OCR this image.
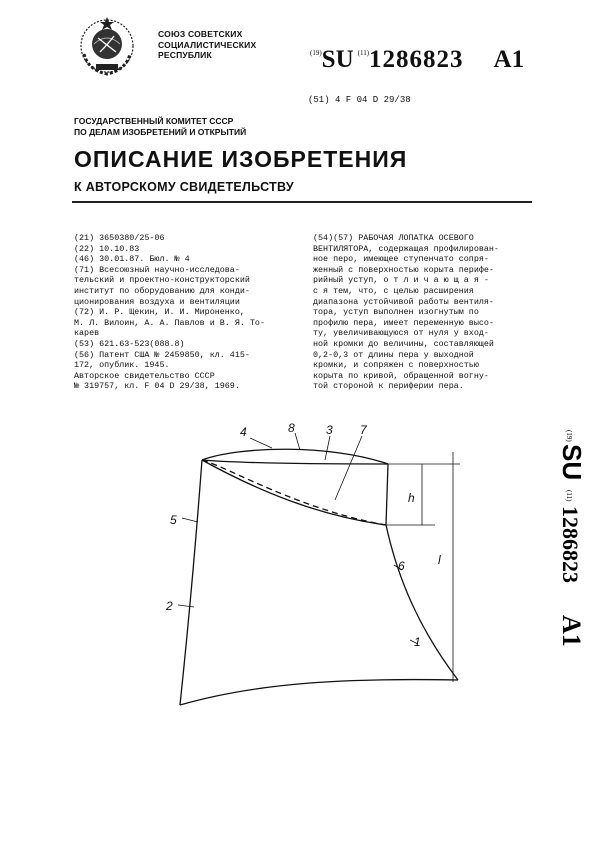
СОЮЗ СОВЕТСКИХ
СОЦИАЛИСТИЧЕСКИХ
РЕСПУБЛИК	$^{(19)}$SU $^{(11)}$1286823 A1
(51) 4 F 04 D 29/38
ГОСУДАРСТВЕННЫЙ КОМИТЕТ СССР
ПО ДЕЛАМ ИЗОБРЕТЕНИЙ И ОТКРЫТИЙ
ОПИСАНИЕ ИЗОБРЕТЕНИЯ
К АВТОРСКОМУ СВИДЕТЕЛЬСТВУ
(21) 3650380/25-06
(22) 10.10.83
(46) 30.01.87. Бюл. № 4
(71) Всесоюзный научно-исследова-
тельский и проектно-конструкторский
институт по оборудованию для конди-
ционирования воздуха и вентиляции
(72) И. Р. Щекин, И. И. Мироненко,
М. Л. Вилоин, А. А. Павлов и В. Я. То-
карев
(53) 621.63-523(088.8)
(56) Патент США № 2459850, кл. 415-
172, опублик. 1945.
Авторское свидетельство СССР
№ 319757, кл. F 04 D 29/38, 1969.
(54)(57) РАБОЧАЯ ЛОПАТКА ОСЕВОГО
ВЕНТИЛЯТОРА, содержащая профилирован-
ное перо, имеющее ступенчато сопря-
женный с поверхностью корыта перифе-
рийный уступ, о т л и ч а ю щ а я -
с я тем, что, с целью расширения
диапазона устойчивой работы вентиля-
тора, уступ выполнен изогнутым по
профилю пера, имеет переменную высо-
ту, увеличивающуюся от нуля у вход-
ной кромки до величины, составляющей
0,2-0,3 от длины пера у выходной
кромки, и сопряжен с поверхностью
корыта по кривой, обращенной вогну-
той стороной к периферии пера.
(19)
SU
(11)
1286823
A1
4	8	3 7
5
2
6
1
h
l
